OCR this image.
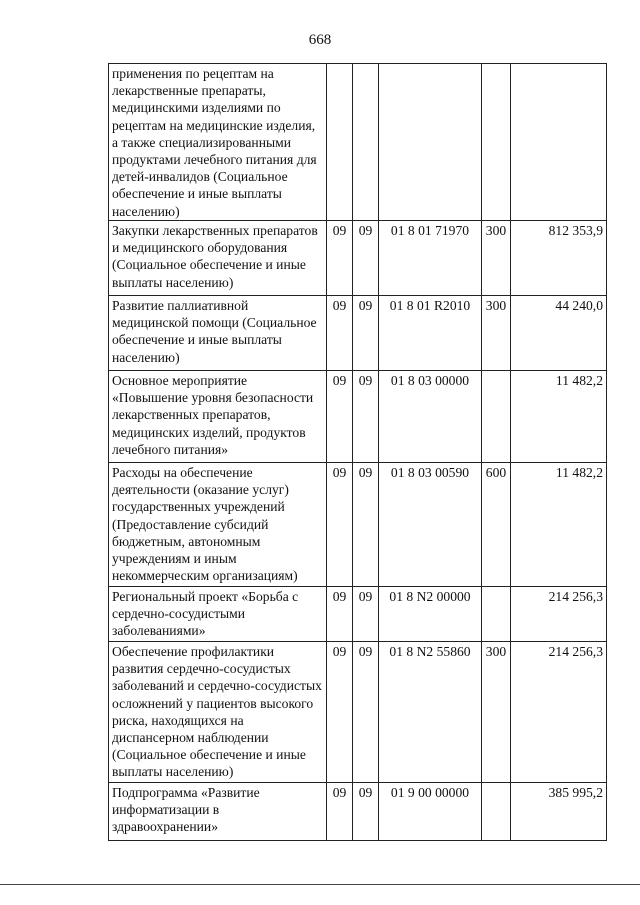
668
применения по рецептам на лекарственные препараты, медицинскими изделиями по рецептам на медицинские изделия, а также специализированными продуктами лечебного питания для детей-инвалидов (Социальное обеспечение и иные выплаты населению)					
Закупки лекарственных препаратов и медицинского оборудования (Социальное обеспечение и иные выплаты населению)	09	09	01 8 01 71970	300	812 353,9
Развитие паллиативной медицинской помощи (Социальное обеспечение и иные выплаты населению)	09	09	01 8 01 R2010	300	44 240,0
Основное мероприятие «Повышение уровня безопасности лекарственных препаратов, медицинских изделий, продуктов лечебного питания»	09	09	01 8 03 00000		11 482,2
Расходы на обеспечение деятельности (оказание услуг) государственных учреждений (Предоставление субсидий бюджетным, автономным учреждениям и иным некоммерческим организациям)	09	09	01 8 03 00590	600	11 482,2
Региональный проект «Борьба с сердечно-сосудистыми заболеваниями»	09	09	01 8 N2 00000		214 256,3
Обеспечение профилактики развития сердечно-сосудистых заболеваний и сердечно-сосудистых осложнений у пациентов высокого риска, находящихся на диспансерном наблюдении (Социальное обеспечение и иные выплаты населению)	09	09	01 8 N2 55860	300	214 256,3
Подпрограмма «Развитие информатизации в здравоохранении»	09	09	01 9 00 00000		385 995,2
